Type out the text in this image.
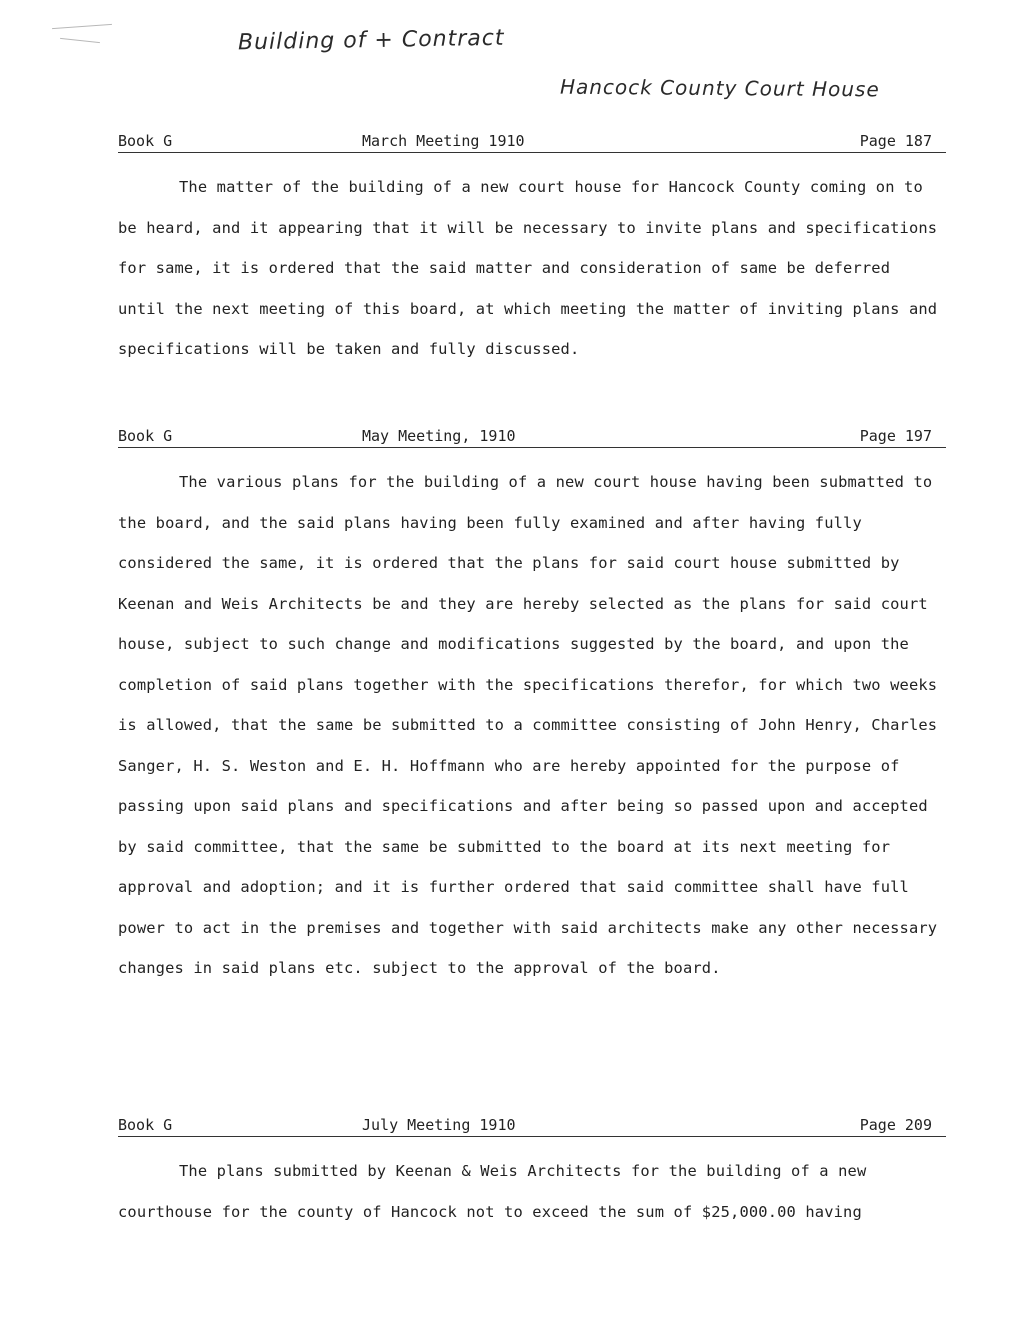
Building of + Contract
Hancock County Court House
Book G	March Meeting 1910	Page 187

The matter of the building of a new court house for Hancock County coming on to be heard, and it appearing that it will be necessary to invite plans and specifications for same, it is ordered that the said matter and consideration of same be deferred until the next meeting of this board, at which meeting the matter of inviting plans and specifications will be taken and fully discussed.

Book G	May Meeting, 1910	Page 197

The various plans for the building of a new court house having been submatted to the board, and the said plans having been fully examined and after having fully considered the same, it is ordered that the plans for said court house submitted by Keenan and Weis Architects be and they are hereby selected as the plans for said court house, subject to such change and modifications suggested by the board, and upon the completion of said plans together with the specifications therefor, for which two weeks is allowed, that the same be submitted to a committee consisting of John Henry, Charles Sanger, H. S. Weston and E. H. Hoffmann who are hereby appointed for the purpose of passing upon said plans and specifications and after being so passed upon and accepted by said committee, that the same be submitted to the board at its next meeting for approval and adoption; and it is further ordered that said committee shall have full power to act in the premises and together with said architects make any other necessary changes in said plans etc. subject to the approval of the board.

Book G	July Meeting 1910	Page 209

The plans submitted by Keenan & Weis Architects for the building of a new courthouse for the county of Hancock not to exceed the sum of $25,000.00 having
